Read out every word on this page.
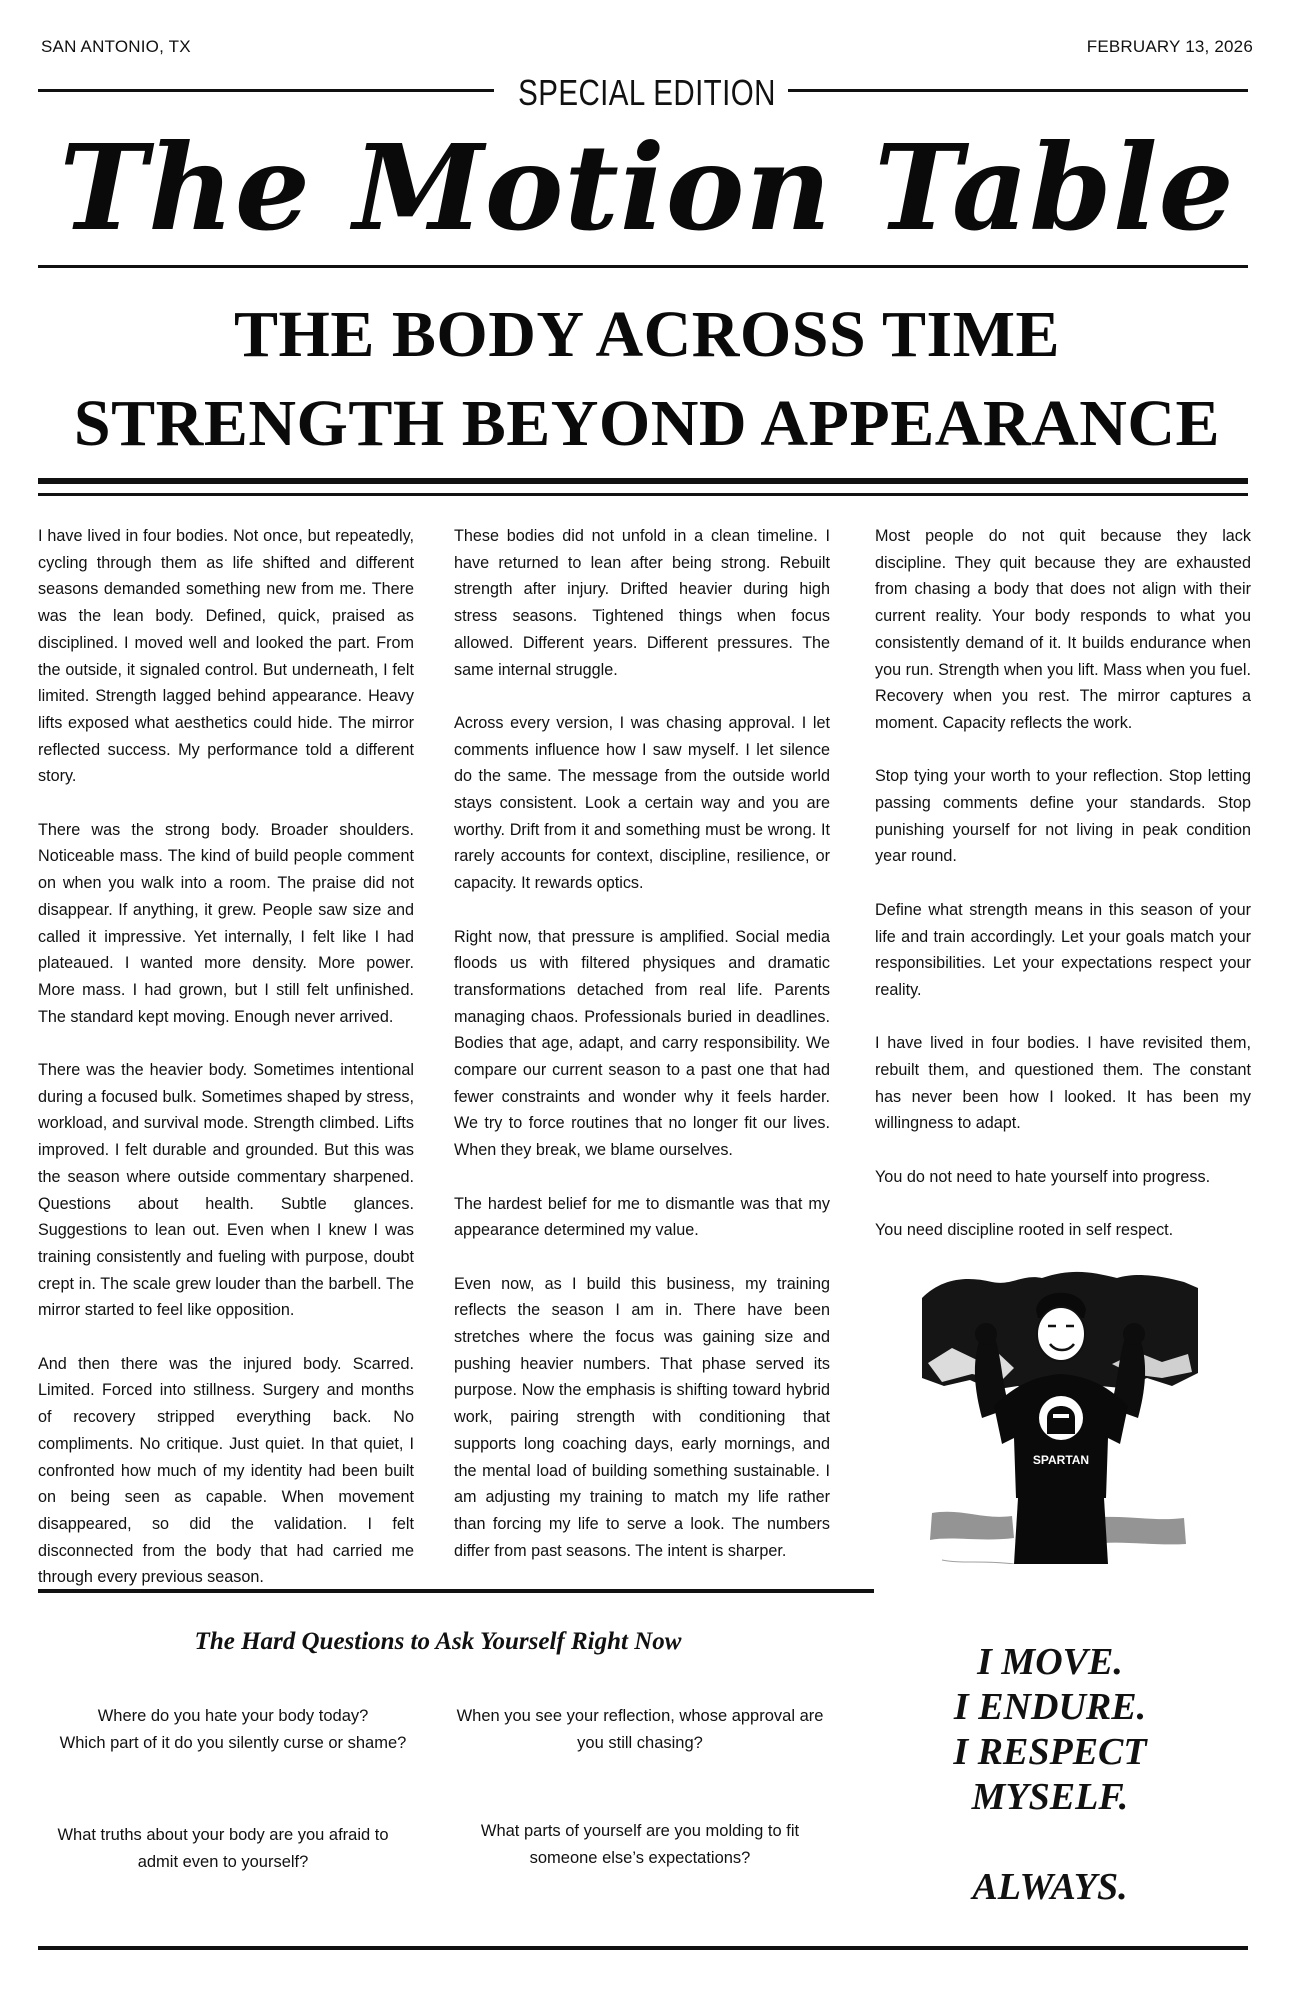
SAN ANTONIO, TX	FEBRUARY 13, 2026
SPECIAL EDITION
The Motion Table
THE BODY ACROSS TIME
STRENGTH BEYOND APPEARANCE

I have lived in four bodies. Not once, but repeatedly, cycling through them as life shifted and different seasons demanded something new from me. There was the lean body. Defined, quick, praised as disciplined. I moved well and looked the part. From the outside, it signaled control. But underneath, I felt limited. Strength lagged behind appearance. Heavy lifts exposed what aesthetics could hide. The mirror reflected success. My performance told a different story.

There was the strong body. Broader shoulders. Noticeable mass. The kind of build people comment on when you walk into a room. The praise did not disappear. If anything, it grew. People saw size and called it impressive. Yet internally, I felt like I had plateaued. I wanted more density. More power. More mass. I had grown, but I still felt unfinished. The standard kept moving. Enough never arrived.

There was the heavier body. Sometimes intentional during a focused bulk. Sometimes shaped by stress, workload, and survival mode. Strength climbed. Lifts improved. I felt durable and grounded. But this was the season where outside commentary sharpened. Questions about health. Subtle glances. Suggestions to lean out. Even when I knew I was training consistently and fueling with purpose, doubt crept in. The scale grew louder than the barbell. The mirror started to feel like opposition.

And then there was the injured body. Scarred. Limited. Forced into stillness. Surgery and months of recovery stripped everything back. No compliments. No critique. Just quiet. In that quiet, I confronted how much of my identity had been built on being seen as capable. When movement disappeared, so did the validation. I felt disconnected from the body that had carried me through every previous season.

These bodies did not unfold in a clean timeline. I have returned to lean after being strong. Rebuilt strength after injury. Drifted heavier during high stress seasons. Tightened things when focus allowed. Different years. Different pressures. The same internal struggle.

Across every version, I was chasing approval. I let comments influence how I saw myself. I let silence do the same. The message from the outside world stays consistent. Look a certain way and you are worthy. Drift from it and something must be wrong. It rarely accounts for context, discipline, resilience, or capacity. It rewards optics.

Right now, that pressure is amplified. Social media floods us with filtered physiques and dramatic transformations detached from real life. Parents managing chaos. Professionals buried in deadlines. Bodies that age, adapt, and carry responsibility. We compare our current season to a past one that had fewer constraints and wonder why it feels harder. We try to force routines that no longer fit our lives. When they break, we blame ourselves.

The hardest belief for me to dismantle was that my appearance determined my value.

Even now, as I build this business, my training reflects the season I am in. There have been stretches where the focus was gaining size and pushing heavier numbers. That phase served its purpose. Now the emphasis is shifting toward hybrid work, pairing strength with conditioning that supports long coaching days, early mornings, and the mental load of building something sustainable. I am adjusting my training to match my life rather than forcing my life to serve a look. The numbers differ from past seasons. The intent is sharper.

Most people do not quit because they lack discipline. They quit because they are exhausted from chasing a body that does not align with their current reality. Your body responds to what you consistently demand of it. It builds endurance when you run. Strength when you lift. Mass when you fuel. Recovery when you rest. The mirror captures a moment. Capacity reflects the work.

Stop tying your worth to your reflection. Stop letting passing comments define your standards. Stop punishing yourself for not living in peak condition year round.

Define what strength means in this season of your life and train accordingly. Let your goals match your responsibilities. Let your expectations respect your reality.

I have lived in four bodies. I have revisited them, rebuilt them, and questioned them. The constant has never been how I looked. It has been my willingness to adapt.

You do not need to hate yourself into progress.

You need discipline rooted in self respect.

SPARTAN
The Hard Questions to Ask Yourself Right Now
Where do you hate your body today?
Which part of it do you silently curse or shame?
When you see your reflection, whose approval are
you still chasing?
What truths about your body are you afraid to
admit even to yourself?
What parts of yourself are you molding to fit
someone else’s expectations?
I MOVE.
I ENDURE.
I RESPECT
MYSELF.
ALWAYS.
